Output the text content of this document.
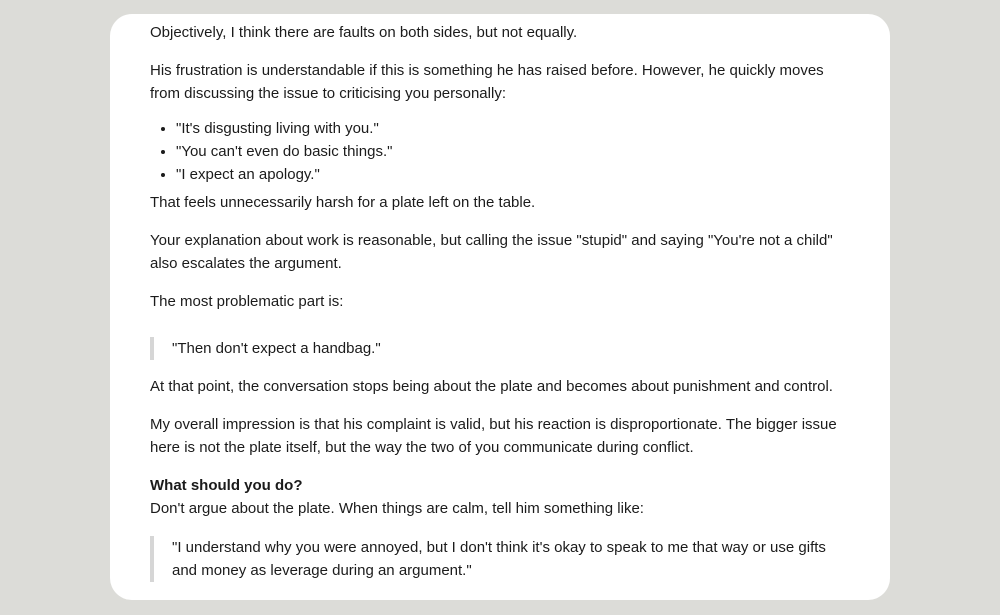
Objectively, I think there are faults on both sides, but not equally.

His frustration is understandable if this is something he has raised before. However, he quickly moves from discussing the issue to criticising you personally:

• "It's disgusting living with you."
• "You can't even do basic things."
• "I expect an apology."

That feels unnecessarily harsh for a plate left on the table.

Your explanation about work is reasonable, but calling the issue "stupid" and saying "You're not a child" also escalates the argument.

The most problematic part is:

"Then don't expect a handbag."

At that point, the conversation stops being about the plate and becomes about punishment and control.

My overall impression is that his complaint is valid, but his reaction is disproportionate. The bigger issue here is not the plate itself, but the way the two of you communicate during conflict.

What should you do?

Don't argue about the plate. When things are calm, tell him something like:

"I understand why you were annoyed, but I don't think it's okay to speak to me that way or use gifts and money as leverage during an argument."
